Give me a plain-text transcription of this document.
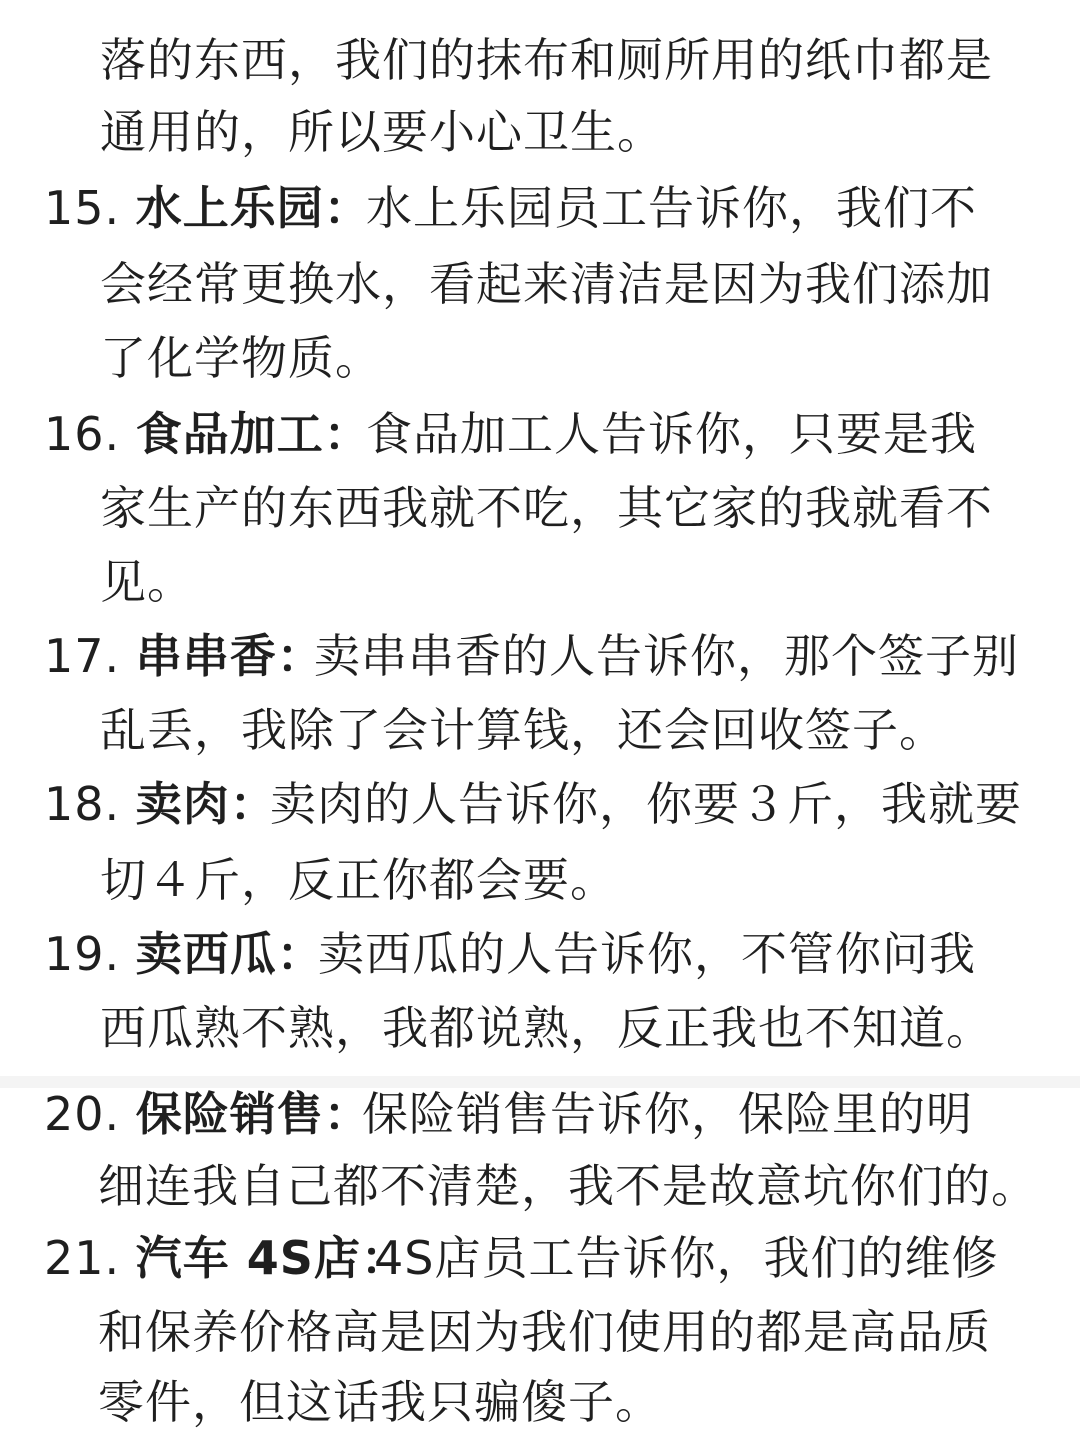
落的东西，我们的抹布和厕所用的纸巾都是
通用的，所以要小心卫生。
15. 水上乐园：
水上乐园员工告诉你，我们不
会经常更换水，看起来清洁是因为我们添加
了化学物质。
16. 食品加工：
食品加工人告诉你，只要是我
家生产的东西我就不吃，其它家的我就看不
见。
17. 串串香：
卖串串香的人告诉你，那个签子别
乱丢，我除了会计算钱，还会回收签子。
18. 卖肉：
卖肉的人告诉你，你要３斤，我就要
切４斤，反正你都会要。
19. 卖西瓜：
卖西瓜的人告诉你，不管你问我
西瓜熟不熟，我都说熟，反正我也不知道。
20. 保险销售：
保险销售告诉你，保险里的明
细连我自己都不清楚，我不是故意坑你们的。
21. 汽车 4S店：
4S店员工告诉你，我们的维修
和保养价格高是因为我们使用的都是高品质
零件，但这话我只骗傻子。
